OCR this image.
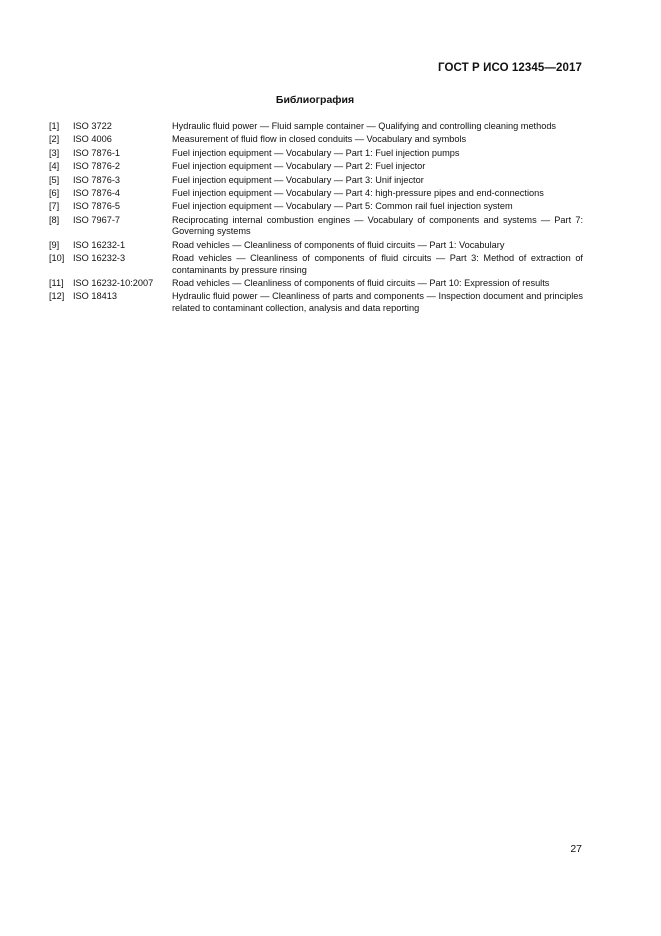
ГОСТ Р ИСО 12345—2017
Библиография
[1]	ISO 3722	Hydraulic fluid power — Fluid sample container — Qualifying and controlling cleaning methods
[2]	ISO 4006	Measurement of fluid flow in closed conduits — Vocabulary and symbols
[3]	ISO 7876-1	Fuel injection equipment — Vocabulary — Part 1: Fuel injection pumps
[4]	ISO 7876-2	Fuel injection equipment — Vocabulary — Part 2: Fuel injector
[5]	ISO 7876-3	Fuel injection equipment — Vocabulary — Part 3: Unif injector
[6]	ISO 7876-4	Fuel injection equipment — Vocabulary — Part 4: high-pressure pipes and end-connections
[7]	ISO 7876-5	Fuel injection equipment — Vocabulary — Part 5: Common rail fuel injection system
[8]	ISO 7967-7	Reciprocating internal combustion engines — Vocabulary of components and systems — Part 7: Governing systems
[9]	ISO 16232-1	Road vehicles — Cleanliness of components of fluid circuits — Part 1: Vocabulary
[10] ISO 16232-3	Road vehicles — Cleanliness of components of fluid circuits — Part 3: Method of extraction of contaminants by pressure rinsing
[11]	ISO 16232-10:2007	Road vehicles — Cleanliness of components of fluid circuits — Part 10: Expression of results
[12] ISO 18413	Hydraulic fluid power — Cleanliness of parts and components — Inspection document and principles related to contaminant collection, analysis and data reporting
27
